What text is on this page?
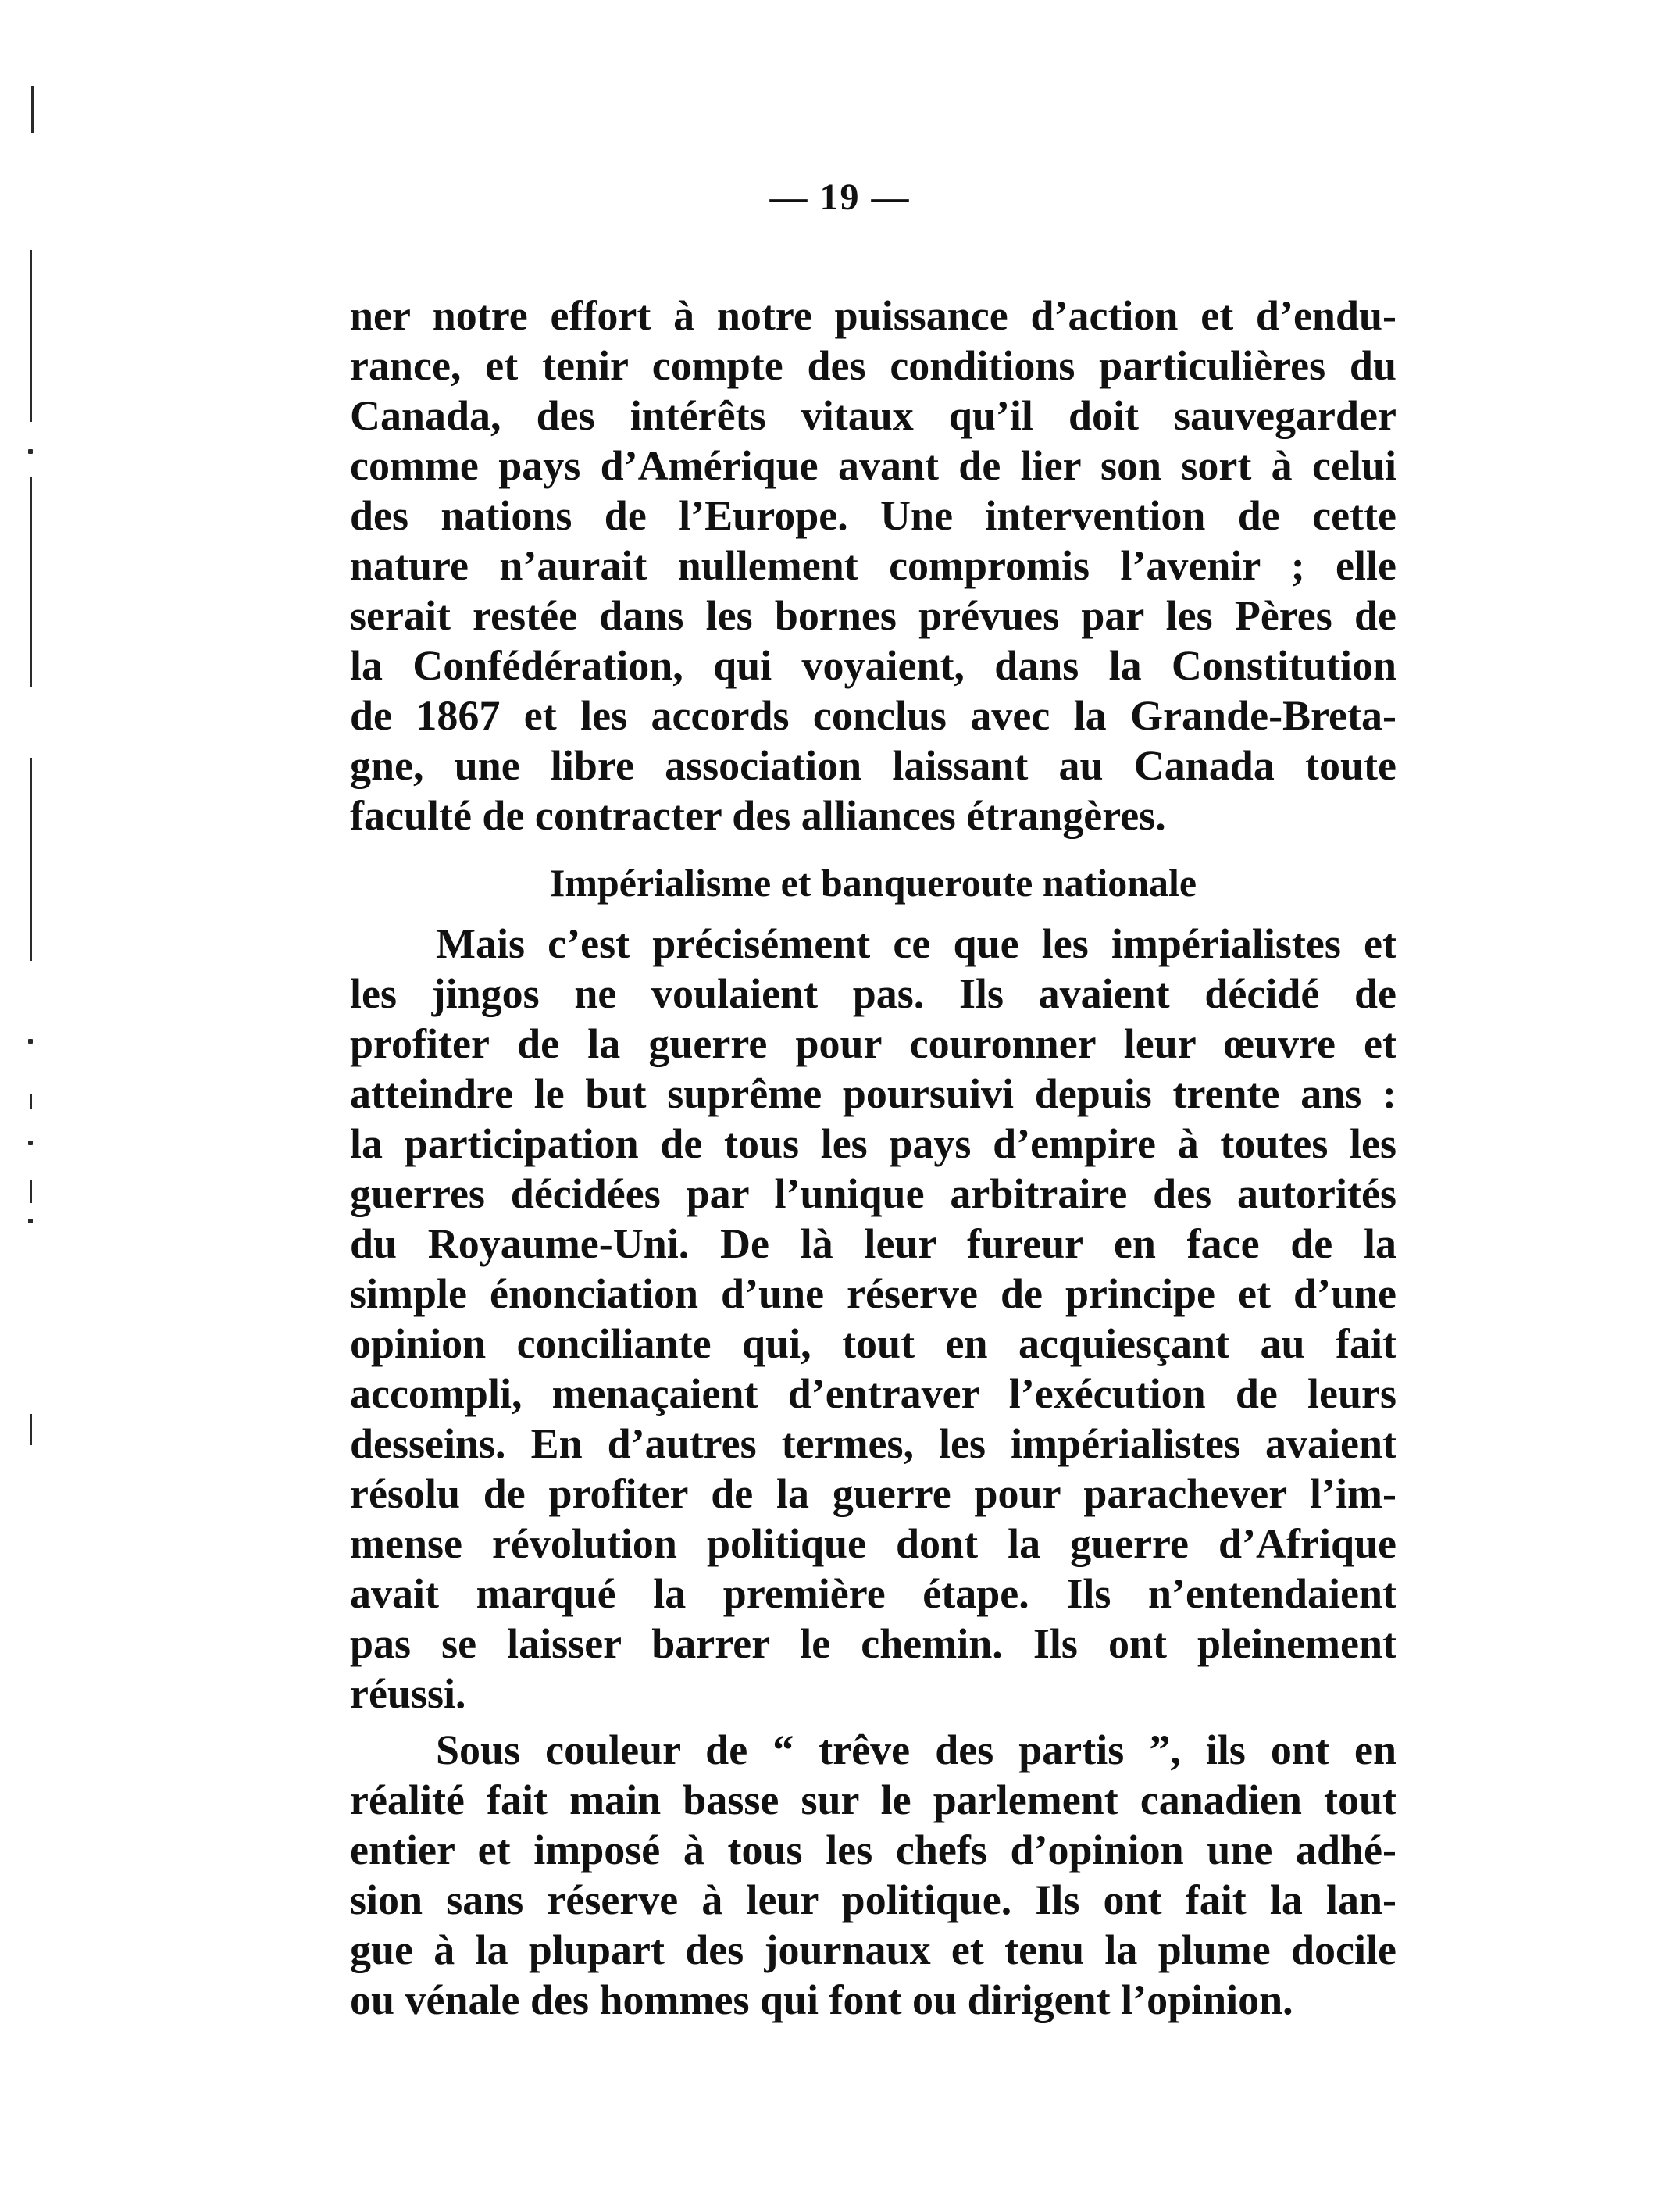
— 19 —
ner notre effort à notre puissance d’action et d’endu-
rance, et tenir compte des conditions particulières du
Canada, des intérêts vitaux qu’il doit sauvegarder
comme pays d’Amérique avant de lier son sort à celui
des nations de l’Europe. Une intervention de cette
nature n’aurait nullement compromis l’avenir ; elle
serait restée dans les bornes prévues par les Pères de
la Confédération, qui voyaient, dans la Constitution
de 1867 et les accords conclus avec la Grande-Breta-
gne, une libre association laissant au Canada toute
faculté de contracter des alliances étrangères.
Impérialisme et banqueroute nationale
Mais c’est précisément ce que les impérialistes et
les jingos ne voulaient pas. Ils avaient décidé de
profiter de la guerre pour couronner leur œuvre et
atteindre le but suprême poursuivi depuis trente ans :
la participation de tous les pays d’empire à toutes les
guerres décidées par l’unique arbitraire des autorités
du Royaume-Uni. De là leur fureur en face de la
simple énonciation d’une réserve de principe et d’une
opinion conciliante qui, tout en acquiesçant au fait
accompli, menaçaient d’entraver l’exécution de leurs
desseins. En d’autres termes, les impérialistes avaient
résolu de profiter de la guerre pour parachever l’im-
mense révolution politique dont la guerre d’Afrique
avait marqué la première étape. Ils n’entendaient
pas se laisser barrer le chemin. Ils ont pleinement
réussi.
Sous couleur de “ trêve des partis ”, ils ont en
réalité fait main basse sur le parlement canadien tout
entier et imposé à tous les chefs d’opinion une adhé-
sion sans réserve à leur politique. Ils ont fait la lan-
gue à la plupart des journaux et tenu la plume docile
ou vénale des hommes qui font ou dirigent l’opinion.
